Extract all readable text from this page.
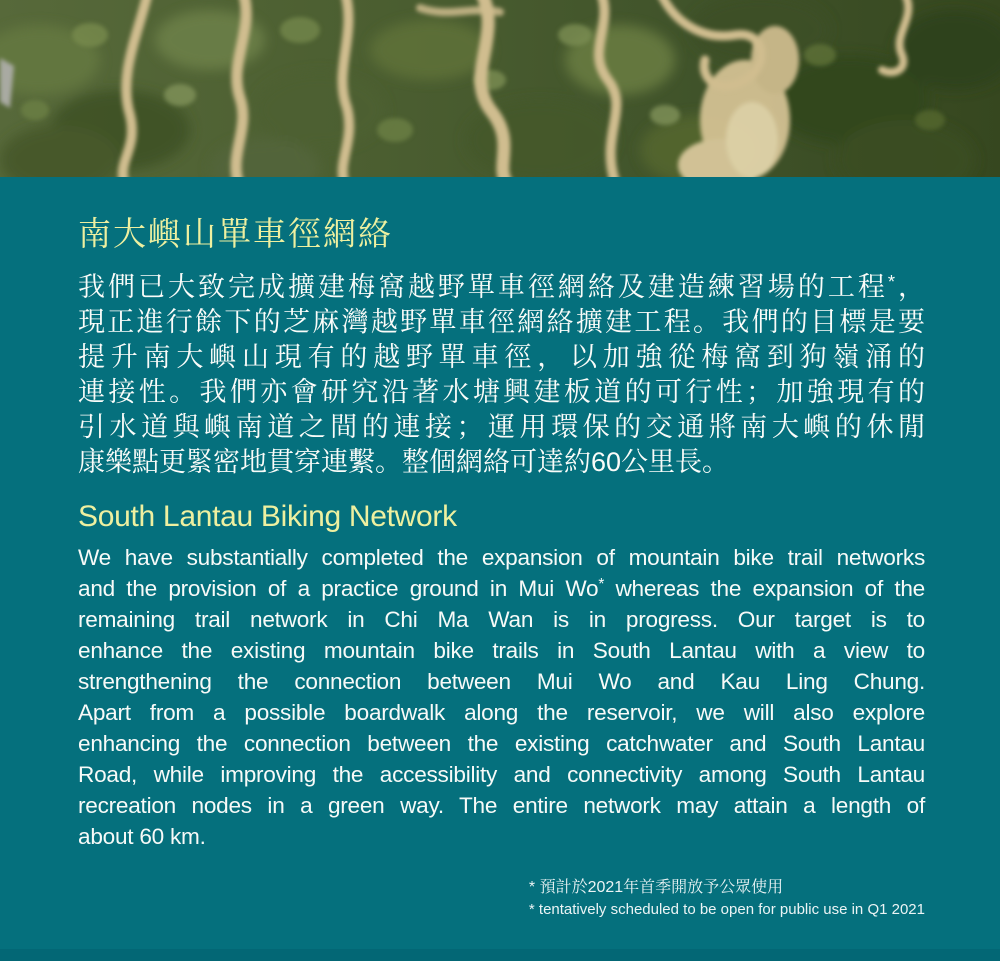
南大嶼山單車徑網絡
我們已大致完成擴建梅窩越野單車徑網絡及建造練習場的工程*，
現正進行餘下的芝麻灣越野單車徑網絡擴建工程。我們的目標是要
提升南大嶼山現有的越野單車徑，以加強從梅窩到狗嶺涌的
連接性。我們亦會研究沿著水塘興建板道的可行性；加強現有的
引水道與嶼南道之間的連接；運用環保的交通將南大嶼的休閒
康樂點更緊密地貫穿連繫。整個網絡可達約60公里長。
South Lantau Biking Network
We have substantially completed the expansion of mountain bike trail networks
and the provision of a practice ground in Mui Wo* whereas the expansion of the
remaining trail network in Chi Ma Wan is in progress. Our target is to
enhance the existing mountain bike trails in South Lantau with a view to
strengthening the connection between Mui Wo and Kau Ling Chung.
Apart from a possible boardwalk along the reservoir, we will also explore
enhancing the connection between the existing catchwater and South Lantau
Road, while improving the accessibility and connectivity among South Lantau
recreation nodes in a green way. The entire network may attain a length of
about 60 km.
* 預計於2021年首季開放予公眾使用
* tentatively scheduled to be open for public use in Q1 2021
